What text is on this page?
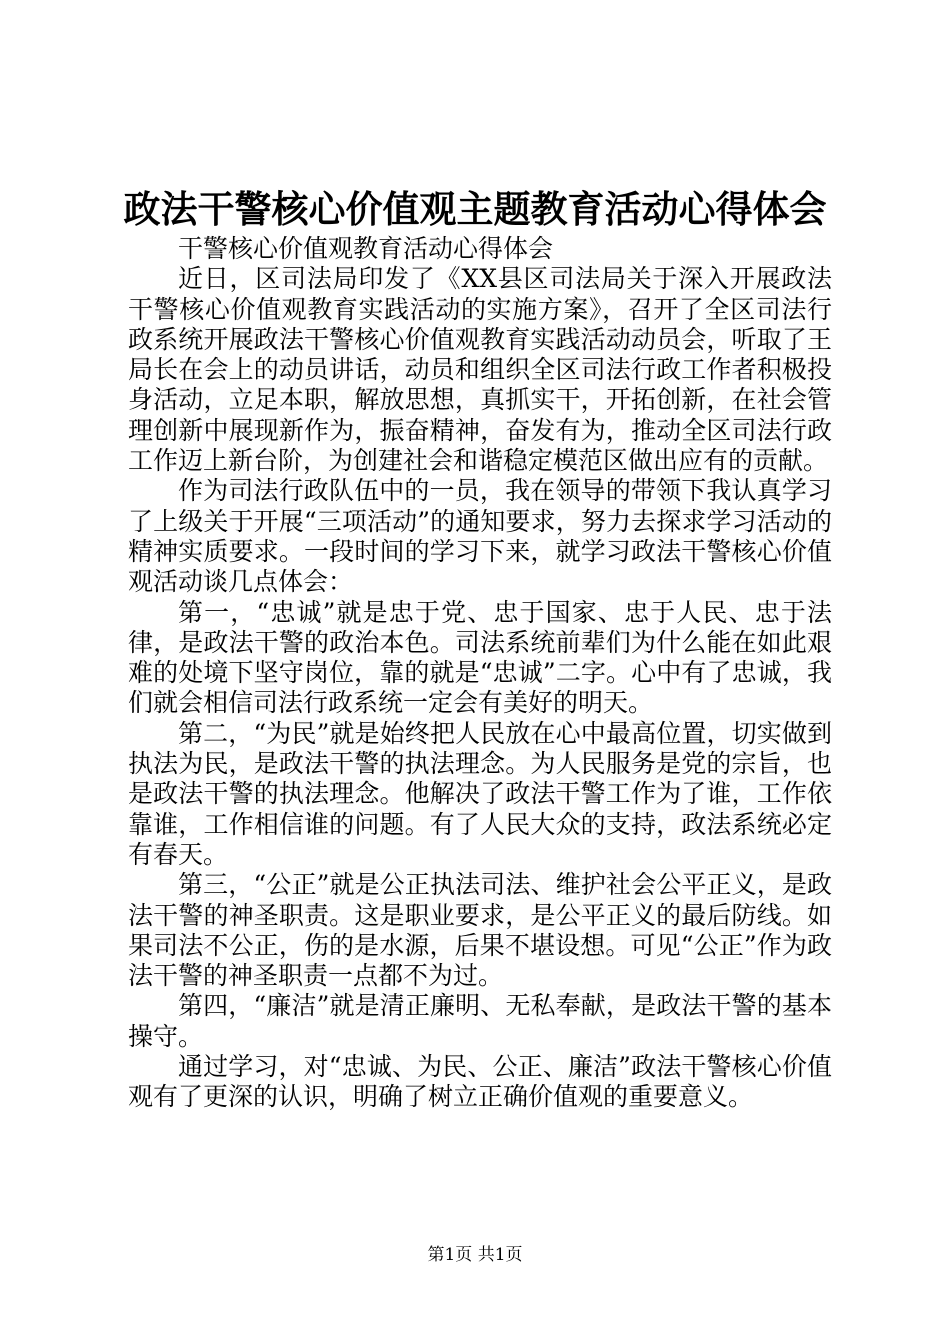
政法干警核心价值观主题教育活动心得体会

干警核心价值观教育活动心得体会

近日，区司法局印发了《XX县区司法局关于深入开展政法干警核心价值观教育实践活动的实施方案》，召开了全区司法行政系统开展政法干警核心价值观教育实践活动动员会，听取了王局长在会上的动员讲话，动员和组织全区司法行政工作者积极投身活动，立足本职，解放思想，真抓实干，开拓创新，在社会管理创新中展现新作为，振奋精神，奋发有为，推动全区司法行政工作迈上新台阶，为创建社会和谐稳定模范区做出应有的贡献。

作为司法行政队伍中的一员，我在领导的带领下我认真学习了上级关于开展“三项活动”的通知要求，努力去探求学习活动的精神实质要求。一段时间的学习下来，就学习政法干警核心价值观活动谈几点体会：

第一，“忠诚”就是忠于党、忠于国家、忠于人民、忠于法律，是政法干警的政治本色。司法系统前辈们为什么能在如此艰难的处境下坚守岗位，靠的就是“忠诚”二字。心中有了忠诚，我们就会相信司法行政系统一定会有美好的明天。

第二，“为民”就是始终把人民放在心中最高位置，切实做到执法为民，是政法干警的执法理念。为人民服务是党的宗旨，也是政法干警的执法理念。他解决了政法干警工作为了谁，工作依靠谁，工作相信谁的问题。有了人民大众的支持，政法系统必定有春天。

第三，“公正”就是公正执法司法、维护社会公平正义，是政法干警的神圣职责。这是职业要求，是公平正义的最后防线。如果司法不公正，伤的是水源，后果不堪设想。可见“公正”作为政法干警的神圣职责一点都不为过。

第四，“廉洁”就是清正廉明、无私奉献，是政法干警的基本操守。

通过学习，对“忠诚、为民、公正、廉洁”政法干警核心价值观有了更深的认识，明确了树立正确价值观的重要意义。

第1页 共1页
